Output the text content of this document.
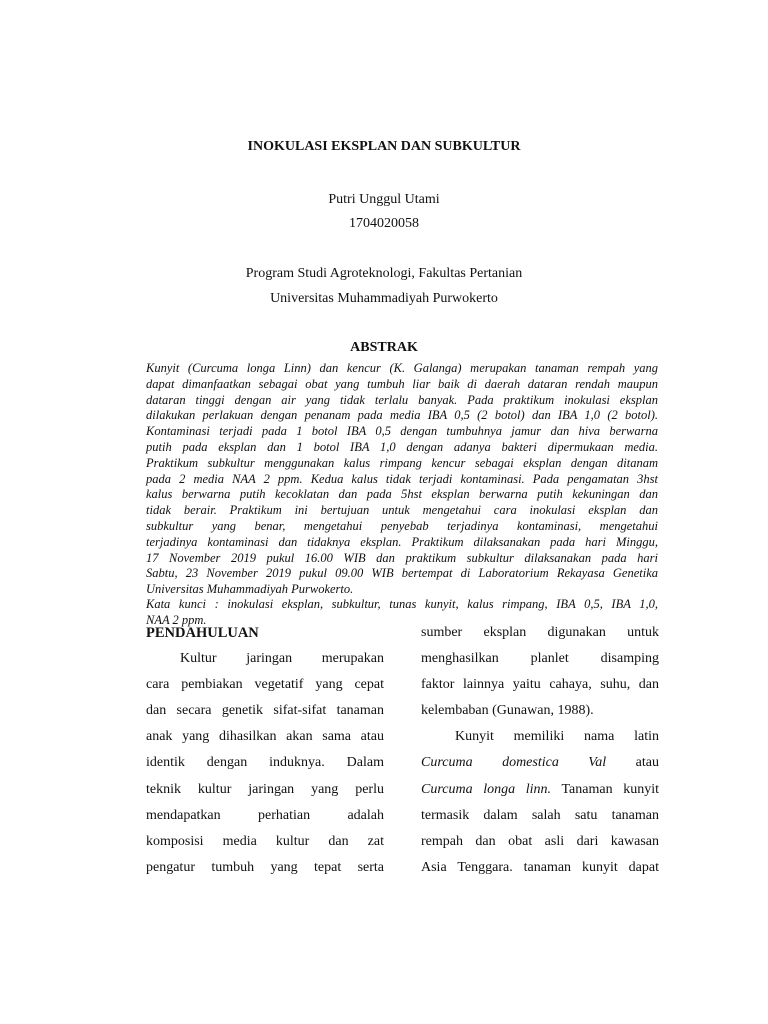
INOKULASI EKSPLAN DAN SUBKULTUR
Putri Unggul Utami
1704020058
Program Studi Agroteknologi, Fakultas Pertanian
Universitas Muhammadiyah Purwokerto
ABSTRAK

Kunyit (Curcuma longa Linn) dan kencur (K. Galanga) merupakan tanaman rempah yang
dapat dimanfaatkan sebagai obat yang tumbuh liar baik di daerah dataran rendah maupun
dataran tinggi dengan air yang tidak terlalu banyak. Pada praktikum inokulasi eksplan
dilakukan perlakuan dengan penanam pada media IBA 0,5 (2 botol) dan IBA 1,0 (2 botol).
Kontaminasi terjadi pada 1 botol IBA 0,5 dengan tumbuhnya jamur dan hiva berwarna
putih pada eksplan dan 1 botol IBA 1,0 dengan adanya bakteri dipermukaan media.
Praktikum subkultur menggunakan kalus rimpang kencur sebagai eksplan dengan ditanam
pada 2 media NAA 2 ppm. Kedua kalus tidak terjadi kontaminasi. Pada pengamatan 3hst
kalus berwarna putih kecoklatan dan pada 5hst eksplan berwarna putih kekuningan dan
tidak berair. Praktikum ini bertujuan untuk mengetahui cara inokulasi eksplan dan
subkultur yang benar, mengetahui penyebab terjadinya kontaminasi, mengetahui
terjadinya kontaminasi dan tidaknya eksplan. Praktikum dilaksanakan pada hari Minggu,
17 November 2019 pukul 16.00 WIB dan praktikum subkultur dilaksanakan pada hari
Sabtu, 23 November 2019 pukul 09.00 WIB bertempat di Laboratorium Rekayasa Genetika
Universitas Muhammadiyah Purwokerto.

Kata kunci : inokulasi eksplan, subkultur, tunas kunyit, kalus rimpang, IBA 0,5, IBA 1,0,
NAA 2 ppm.

PENDAHULUAN
Kultur jaringan merupakan
cara pembiakan vegetatif yang cepat
dan secara genetik sifat-sifat tanaman
anak yang dihasilkan akan sama atau
identik dengan induknya. Dalam
teknik kultur jaringan yang perlu
mendapatkan perhatian adalah
komposisi media kultur dan zat
pengatur tumbuh yang tepat serta
sumber eksplan digunakan untuk
menghasilkan planlet disamping
faktor lainnya yaitu cahaya, suhu, dan
kelembaban (Gunawan, 1988).
Kunyit memiliki nama latin
Curcuma domestica Val atau
Curcuma longa linn. Tanaman kunyit
termasik dalam salah satu tanaman
rempah dan obat asli dari kawasan
Asia Tenggara. tanaman kunyit dapat
